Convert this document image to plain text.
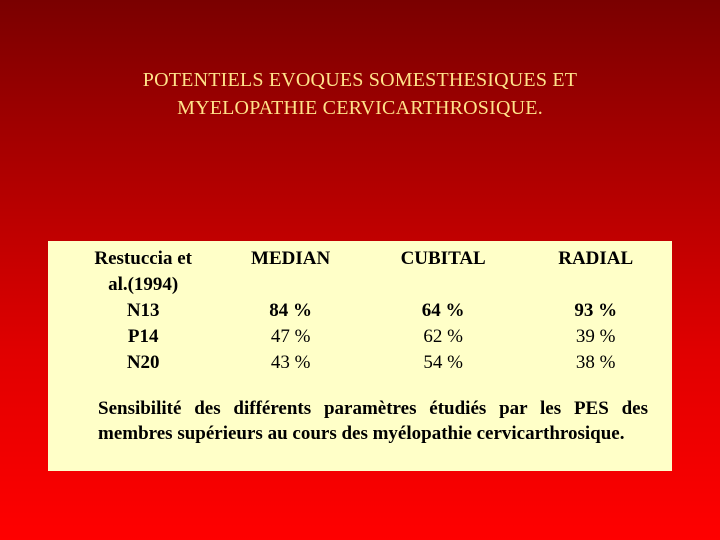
POTENTIELS EVOQUES SOMESTHESIQUES ET
MYELOPATHIE CERVICARTHROSIQUE.
Restuccia et	MEDIAN	CUBITAL	RADIAL
al.(1994)			
N13	84 %	64 %	93 %
P14	47 %	62 %	39 %
N20	43 %	54 %	38 %
Sensibilité des différents paramètres étudiés par les PES des membres supérieurs au cours des myélopathie cervicarthrosique.
